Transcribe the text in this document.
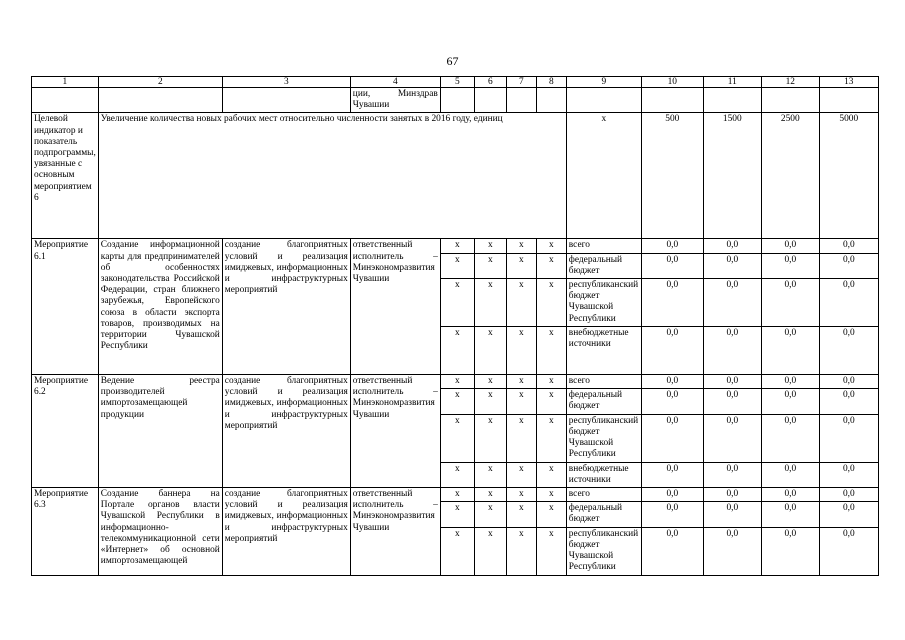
67
1	2	3	4	5	6	7	8	9	10	11	12	13
			ции, Минздрав Чувашии									
Целевой индикатор и показатель подпрограммы, увязанные с основным мероприятием 6	Увеличение количества новых рабочих мест относительно численности занятых в 2016 году, единиц							х	500	1500	2500	5000
Мероприятие 6.1	Создание информационной карты для предпринимателей об особенностях законодательства Российской Федерации, стран ближнего зарубежья, Европейского союза в области экспорта товаров, производимых на территории Чувашской Республики	создание благоприятных условий и реализация имиджевых, информационных и инфраструктурных мероприятий	ответственный исполнитель – Минэкономразвития Чувашии	х	х	х	х	всего	0,0	0,0	0,0	0,0
				х	х	х	х	федеральный бюджет	0,0	0,0	0,0	0,0
				х	х	х	х	республиканский бюджет Чувашской Республики	0,0	0,0	0,0	0,0
				х	х	х	х	внебюджетные источники	0,0	0,0	0,0	0,0
Мероприятие 6.2	Ведение реестра производителей импортозамещающей продукции	создание благоприятных условий и реализация имиджевых, информационных и инфраструктурных мероприятий	ответственный исполнитель – Минэкономразвития Чувашии	х	х	х	х	всего	0,0	0,0	0,0	0,0
				х	х	х	х	федеральный бюджет	0,0	0,0	0,0	0,0
				х	х	х	х	республиканский бюджет Чувашской Республики	0,0	0,0	0,0	0,0
				х	х	х	х	внебюджетные источники	0,0	0,0	0,0	0,0
Мероприятие 6.3	Создание баннера на Портале органов власти Чувашской Республики в информационно-телекоммуникационной сети «Интернет» об основной импортозамещающей	создание благоприятных условий и реализация имиджевых, информационных и инфраструктурных мероприятий	ответственный исполнитель – Минэкономразвития Чувашии	х	х	х	х	всего	0,0	0,0	0,0	0,0
				х	х	х	х	федеральный бюджет	0,0	0,0	0,0	0,0
				х	х	х	х	республиканский бюджет Чувашской Республики	0,0	0,0	0,0	0,0
